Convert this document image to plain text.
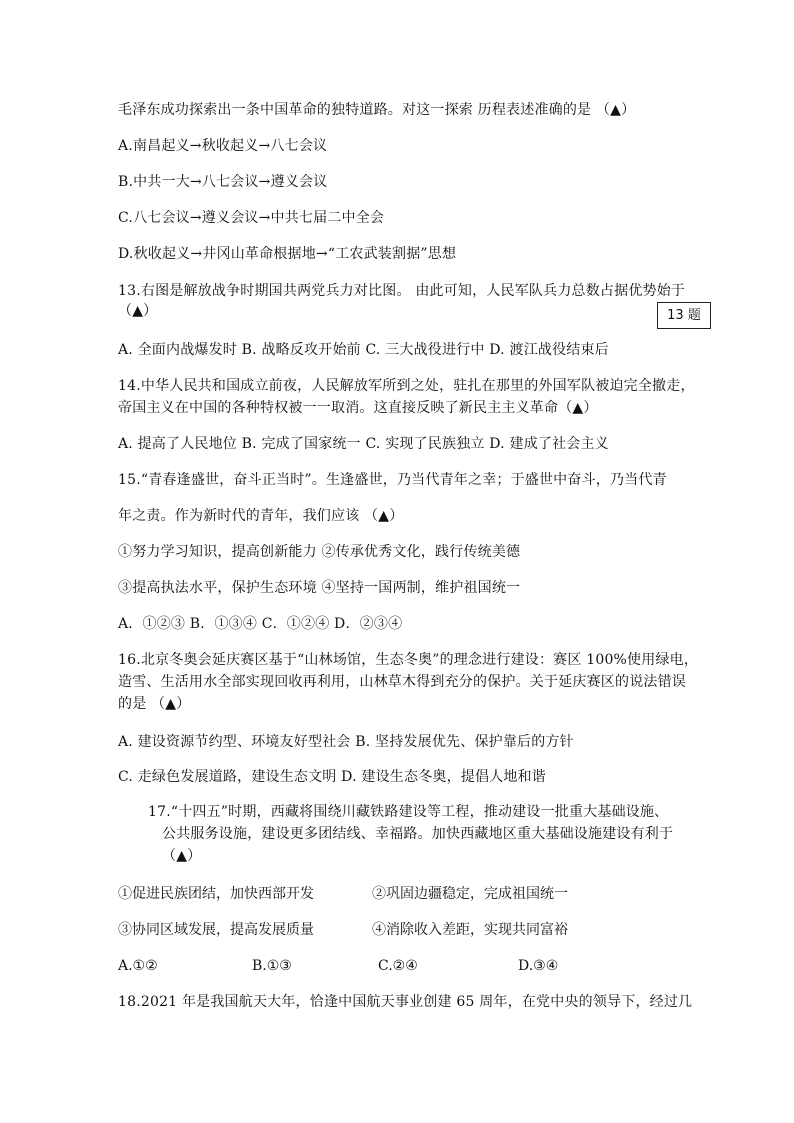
毛泽东成功探索出一条中国革命的独特道路。对这一探索 历程表述准确的是 （▲）
A.南昌起义→秋收起义→八七会议
B.中共一大→八七会议→遵义会议
C.八七会议→遵义会议→中共七届二中全会
D.秋收起义→井冈山革命根据地→“工农武装割据”思想
13.右图是解放战争时期国共两党兵力对比图。 由此可知，人民军队兵力总数占据优势始于
（▲）	13 题
A. 全面内战爆发时 B. 战略反攻开始前 C. 三大战役进行中 D. 渡江战役结束后
14.中华人民共和国成立前夜，人民解放军所到之处，驻扎在那里的外国军队被迫完全撤走，
帝国主义在中国的各种特权被一一取消。这直接反映了新民主主义革命（▲）
A. 提高了人民地位 B. 完成了国家统一 C. 实现了民族独立 D. 建成了社会主义
15.“青春逢盛世，奋斗正当时”。生逢盛世，乃当代青年之幸；于盛世中奋斗，乃当代青
年之责。作为新时代的青年，我们应该 （▲）
①努力学习知识，提高创新能力 ②传承优秀文化，践行传统美德
③提高执法水平，保护生态环境 ④坚持一国两制，维护祖国统一
A．①②③ B．①③④ C．①②④ D．②③④
16.北京冬奥会延庆赛区基于“山林场馆，生态冬奥”的理念进行建设：赛区 100%使用绿电，
造雪、生活用水全部实现回收再利用，山林草木得到充分的保护。关于延庆赛区的说法错误
的是 （▲）
A. 建设资源节约型、环境友好型社会 B. 坚持发展优先、保护靠后的方针
C. 走绿色发展道路，建设生态文明 D. 建设生态冬奥，提倡人地和谐
17.“十四五”时期，西藏将围绕川藏铁路建设等工程，推动建设一批重大基础设施、
公共服务设施，建设更多团结线、幸福路。加快西藏地区重大基础设施建设有利于
（▲）
①促进民族团结，加快西部开发	②巩固边疆稳定，完成祖国统一
③协同区域发展，提高发展质量	④消除收入差距，实现共同富裕
A.①②	B.①③	C.②④	D.③④
18.2021 年是我国航天大年，恰逢中国航天事业创建 65 周年，在党中央的领导下，经过几
